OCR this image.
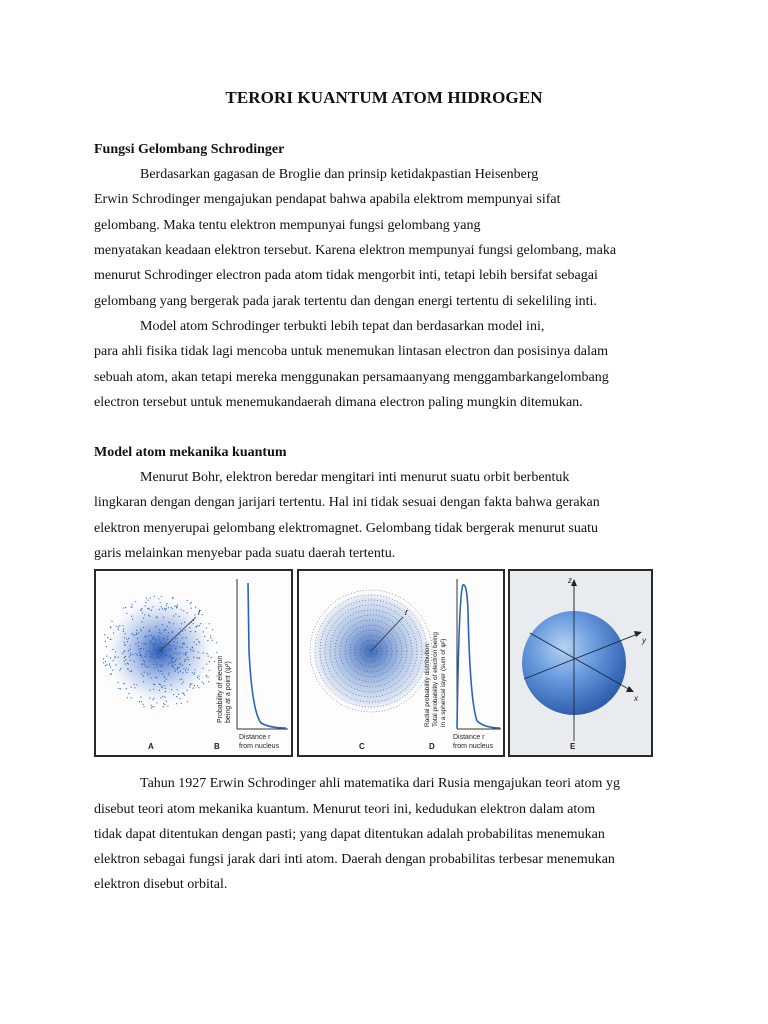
TERORI KUANTUM ATOM HIDROGEN
Fungsi Gelombang Schrodinger
Berdasarkan gagasan de Broglie dan prinsip ketidakpastian Heisenberg
Erwin Schrodinger mengajukan pendapat bahwa apabila elektrom mempunyai sifat
gelombang. Maka tentu elektron mempunyai fungsi gelombang yang
menyatakan keadaan elektron tersebut. Karena elektron mempunyai fungsi gelombang, maka
menurut Schrodinger electron pada atom tidak mengorbit inti, tetapi lebih bersifat sebagai
gelombang yang bergerak pada jarak tertentu dan dengan energi tertentu di sekeliling inti.
Model atom Schrodinger terbukti lebih tepat dan berdasarkan model ini,
para ahli fisika tidak lagi mencoba untuk menemukan lintasan electron dan posisinya dalam
sebuah atom, akan tetapi mereka menggunakan persamaanyang menggambarkangelombang
electron tersebut untuk menemukandaerah dimana electron paling mungkin ditemukan.
Model atom mekanika kuantum
Menurut Bohr, elektron beredar mengitari inti menurut suatu orbit berbentuk
lingkaran dengan dengan jarijari tertentu. Hal ini tidak sesuai dengan fakta bahwa gerakan
elektron menyerupai gelombang elektromagnet. Gelombang tidak bergerak menurut suatu
garis melainkan menyebar pada suatu daerah tertentu.
r
Probability of electron being at a point (ψ²)
Distance r
from nucleus
A	B
r
Radial probability distribution: Total probability of electron being in a spherical layer (sum of ψ²)
Distance r
from nucleus
C	D
z
y
x
E
Tahun 1927 Erwin Schrodinger ahli matematika dari Rusia mengajukan teori atom yg
disebut teori atom mekanika kuantum. Menurut teori ini, kedudukan elektron dalam atom
tidak dapat ditentukan dengan pasti; yang dapat ditentukan adalah probabilitas menemukan
elektron sebagai fungsi jarak dari inti atom. Daerah dengan probabilitas terbesar menemukan
elektron disebut orbital.
